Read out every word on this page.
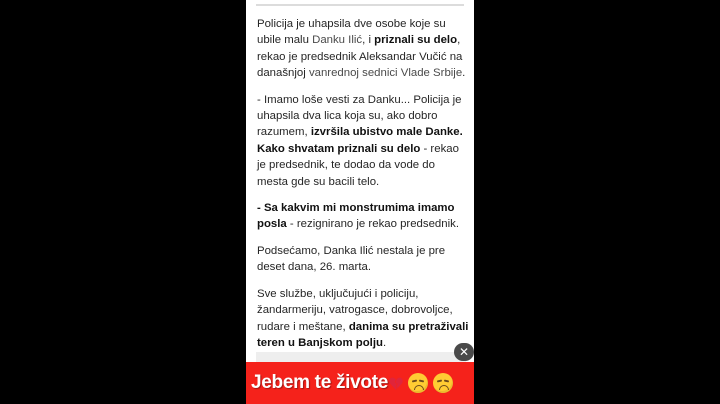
Policija je uhapsila dve osobe koje su ubile malu Danku Ilić, i priznali su delo, rekao je predsednik Aleksandar Vučić na današnjoj vanrednoj sednici Vlade Srbije.

- Imamo loše vesti za Danku... Policija je uhapsila dva lica koja su, ako dobro razumem, izvršila ubistvo male Danke. Kako shvatam priznali su delo - rekao je predsednik, te dodao da vode do mesta gde su bacili telo.

- Sa kakvim mi monstrumima imamo posla - rezignirano je rekao predsednik.

Podsećamo, Danka Ilić nestala je pre deset dana, 26. marta.

Sve službe, uključujući i policiju, žandarmeriju, vatrogasce, dobrovoljce, rudare i meštane, danima su pretraživali teren u Banjskom polju.

✕
Jebem te živote
